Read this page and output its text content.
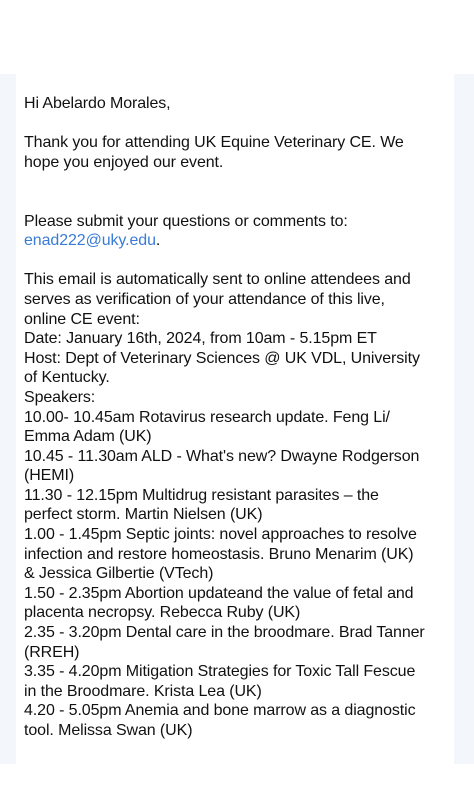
Hi Abelardo Morales,

Thank you for attending UK Equine Veterinary CE. We

hope you enjoyed our event.

Please submit your questions or comments to:

enad222@uky.edu.

This email is automatically sent to online attendees and

serves as verification of your attendance of this live,

online CE event:

Date: January 16th, 2024, from 10am - 5.15pm ET

Host: Dept of Veterinary Sciences @ UK VDL, University

of Kentucky.

Speakers:

10.00- 10.45am Rotavirus research update. Feng Li/

Emma Adam (UK)

10.45 - 11.30am ALD - What's new? Dwayne Rodgerson

(HEMI)

11.30 - 12.15pm Multidrug resistant parasites – the

perfect storm. Martin Nielsen (UK)

1.00 - 1.45pm Septic joints: novel approaches to resolve

infection and restore homeostasis. Bruno Menarim (UK)

& Jessica Gilbertie (VTech)

1.50 - 2.35pm Abortion updateand the value of fetal and

placenta necropsy. Rebecca Ruby (UK)

2.35 - 3.20pm Dental care in the broodmare. Brad Tanner

(RREH)

3.35 - 4.20pm Mitigation Strategies for Toxic Tall Fescue

in the Broodmare. Krista Lea (UK)

4.20 - 5.05pm Anemia and bone marrow as a diagnostic

tool. Melissa Swan (UK)
